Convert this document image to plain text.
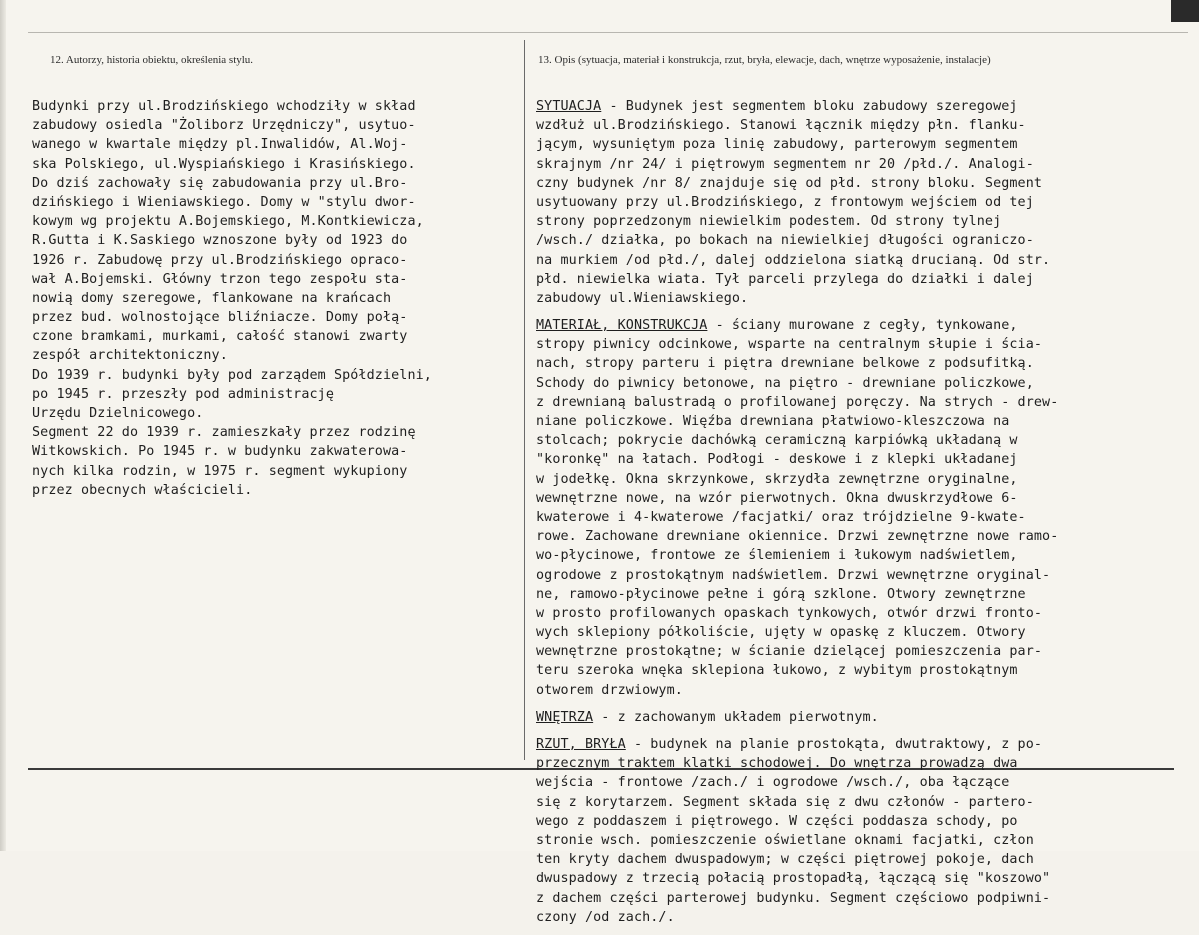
12. Autorzy, historia obiektu, określenia stylu.	13. Opis (sytuacja, materiał i konstrukcja, rzut, bryła, elewacje, dach, wnętrze wyposażenie, instalacje)
Budynki przy ul.Brodzińskiego wchodziły w skład
zabudowy osiedla "Żoliborz Urzędniczy", usytuo-
wanego w kwartale między pl.Inwalidów, Al.Woj-
ska Polskiego, ul.Wyspiańskiego i Krasińskiego.
Do dziś zachowały się zabudowania przy ul.Bro-
dzińskiego i Wieniawskiego. Domy w "stylu dwor-
kowym wg projektu A.Bojemskiego, M.Kontkiewicza,
R.Gutta i K.Saskiego wznoszone były od 1923 do
1926 r. Zabudowę przy ul.Brodzińskiego opraco-
wał A.Bojemski. Główny trzon tego zespołu sta-
nowią domy szeregowe, flankowane na krańcach
przez bud. wolnostojące bliźniacze. Domy połą-
czone bramkami, murkami, całość stanowi zwarty
zespół architektoniczny.
Do 1939 r. budynki były pod zarządem Spółdzielni,
po 1945 r. przeszły pod administrację
Urzędu Dzielnicowego.
Segment 22 do 1939 r. zamieszkały przez rodzinę
Witkowskich. Po 1945 r. w budynku zakwaterowa-
nych kilka rodzin, w 1975 r. segment wykupiony
przez obecnych właścicieli.
SYTUACJA - Budynek jest segmentem bloku zabudowy szeregowej
wzdłuż ul.Brodzińskiego. Stanowi łącznik między płn. flanku-
jącym, wysuniętym poza linię zabudowy, parterowym segmentem
skrajnym /nr 24/ i piętrowym segmentem nr 20 /płd./. Analogi-
czny budynek /nr 8/ znajduje się od płd. strony bloku. Segment
usytuowany przy ul.Brodzińskiego, z frontowym wejściem od tej
strony poprzedzonym niewielkim podestem. Od strony tylnej
/wsch./ działka, po bokach na niewielkiej długości ograniczo-
na murkiem /od płd./, dalej oddzielona siatką drucianą. Od str.
płd. niewielka wiata. Tył parceli przylega do działki i dalej
zabudowy ul.Wieniawskiego.
MATERIAŁ, KONSTRUKCJA - ściany murowane z cegły, tynkowane,
stropy piwnicy odcinkowe, wsparte na centralnym słupie i ścia-
nach, stropy parteru i piętra drewniane belkowe z podsufitką.
Schody do piwnicy betonowe, na piętro - drewniane policzkowe,
z drewnianą balustradą o profilowanej poręczy. Na strych - drew-
niane policzkowe. Więźba drewniana płatwiowo-kleszczowa na
stolcach; pokrycie dachówką ceramiczną karpiówką układaną w
"koronkę" na łatach. Podłogi - deskowe i z klepki układanej
w jodełkę. Okna skrzynkowe, skrzydła zewnętrzne oryginalne,
wewnętrzne nowe, na wzór pierwotnych. Okna dwuskrzydłowe 6-
kwaterowe i 4-kwaterowe /facjatki/ oraz trójdzielne 9-kwate-
rowe. Zachowane drewniane okiennice. Drzwi zewnętrzne nowe ramo-
wo-płycinowe, frontowe ze ślemieniem i łukowym nadświetlem,
ogrodowe z prostokątnym nadświetlem. Drzwi wewnętrzne oryginal-
ne, ramowo-płycinowe pełne i górą szklone. Otwory zewnętrzne
w prosto profilowanych opaskach tynkowych, otwór drzwi fronto-
wych sklepiony półkoliście, ujęty w opaskę z kluczem. Otwory
wewnętrzne prostokątne; w ścianie dzielącej pomieszczenia par-
teru szeroka wnęka sklepiona łukowo, z wybitym prostokątnym
otworem drzwiowym.
WNĘTRZA - z zachowanym układem pierwotnym.
RZUT, BRYŁA - budynek na planie prostokąta, dwutraktowy, z po-
przecznym traktem klatki schodowej. Do wnętrza prowadzą dwa
wejścia - frontowe /zach./ i ogrodowe /wsch./, oba łączące
się z korytarzem. Segment składa się z dwu członów - partero-
wego z poddaszem i piętrowego. W części poddasza schody, po
stronie wsch. pomieszczenie oświetlane oknami facjatki, człon
ten kryty dachem dwuspadowym; w części piętrowej pokoje, dach
dwuspadowy z trzecią połacią prostopadłą, łączącą się "koszowo"
z dachem części parterowej budynku. Segment częściowo podpiwni-
czony /od zach./.
